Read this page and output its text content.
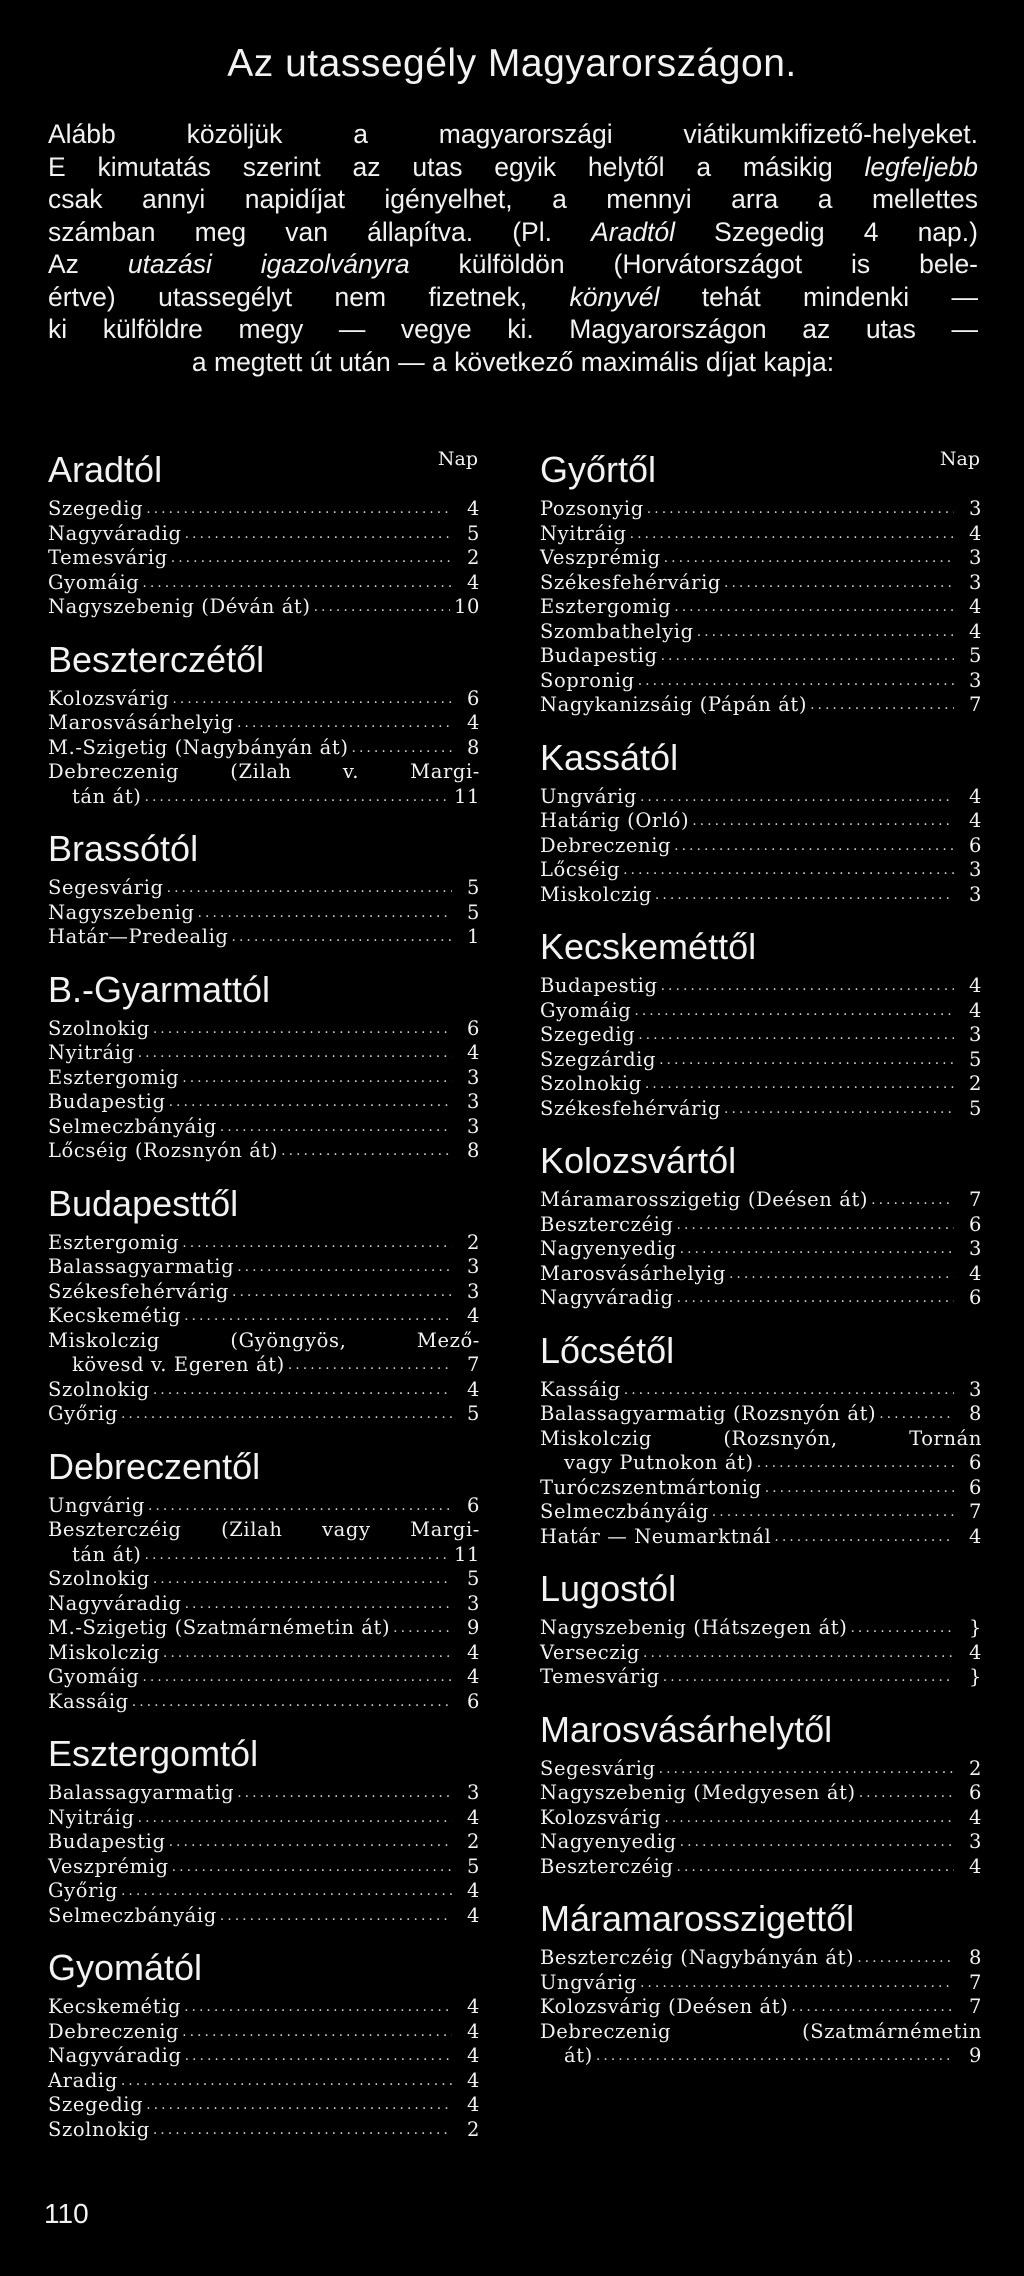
Az utassegély Magyarországon.
Alább közöljük a magyarországi viátikumkifizető-helyeket.
E kimutatás szerint az utas egyik helytől a másikig legfeljebb
csak annyi napidíjat igényelhet, a mennyi arra a mellettes
számban meg van állapítva. (Pl. Aradtól Szegedig 4 nap.)
Az utazási igazolványra külföldön (Horvátországot is bele-
értve) utassegélyt nem fizetnek, könyvél tehát mindenki —
ki külföldre megy — vegye ki. Magyarországon az utas —
a megtett út után — a következő maximális díjat kapja:
Aradtól	Nap
Szegedig .....	4
Nagyváradig .....	5
Temesvárig .....	2
Gyomáig .....	4
Nagyszebenig (Déván át) .....	10
Beszterczétől
Kolozsvárig .....	6
Marosvásárhelyig .....	4
M.-Szigetig (Nagybányán át) .....	8
Debreczenig (Zilah v. Margi-
tán át) .....	11
Brassótól
Segesvárig .....	5
Nagyszebenig .....	5
Határ—Predealig .....	1
B.-Gyarmattól
Szolnokig .....	6
Nyitráig .....	4
Esztergomig .....	3
Budapestig .....	3
Selmeczbányáig .....	3
Lőcséig (Rozsnyón át) .....	8
Budapesttől
Esztergomig .....	2
Balassagyarmatig .....	3
Székesfehérvárig .....	3
Kecskemétig .....	4
Miskolczig (Gyöngyös, Mező-
kövesd v. Egeren át) .....	7
Szolnokig .....	4
Győrig .....	5
Debreczentől
Ungvárig .....	6
Beszterczéig (Zilah vagy Margi-
tán át) .....	11
Szolnokig .....	5
Nagyváradig .....	3
M.-Szigetig (Szatmárnémetin át) .....	9
Miskolczig .....	4
Gyomáig .....	4
Kassáig .....	6
Esztergomtól
Balassagyarmatig .....	3
Nyitráig .....	4
Budapestig .....	2
Veszprémig .....	5
Győrig .....	4
Selmeczbányáig .....	4
Gyomától
Kecskemétig .....	4
Debreczenig .....	4
Nagyváradig .....	4
Aradig .....	4
Szegedig .....	4
Szolnokig .....	2
Győrtől	Nap
Pozsonyig .....	3
Nyitráig .....	4
Veszprémig .....	3
Székesfehérvárig .....	3
Esztergomig .....	4
Szombathelyig .....	4
Budapestig .....	5
Sopronig .....	3
Nagykanizsáig (Pápán át) .....	7
Kassától
Ungvárig .....	4
Határig (Orló) .....	4
Debreczenig .....	6
Lőcséig .....	3
Miskolczig .....	3
Kecskeméttől
Budapestig .....	4
Gyomáig .....	4
Szegedig .....	3
Szegzárdig .....	5
Szolnokig .....	2
Székesfehérvárig .....	5
Kolozsvártól
Máramarosszigetig (Deésen át) .....	7
Beszterczéig .....	6
Nagyenyedig .....	3
Marosvásárhelyig .....	4
Nagyváradig .....	6
Lőcsétől
Kassáig .....	3
Balassagyarmatig (Rozsnyón át) .....	8
Miskolczig (Rozsnyón, Tornán
vagy Putnokon át) .....	6
Turóczszentmártonig .....	6
Selmeczbányáig .....	7
Határ — Neumarktnál .....	4
Lugostól
Nagyszebenig (Hátszegen át) .....	}
Verseczig .....	4
Temesvárig .....	}
Marosvásárhelytől
Segesvárig .....	2
Nagyszebenig (Medgyesen át) .....	6
Kolozsvárig .....	4
Nagyenyedig .....	3
Beszterczéig .....	4
Máramarosszigettől
Beszterczéig (Nagybányán át) .....	8
Ungvárig .....	7
Kolozsvárig (Deésen át) .....	7
Debreczenig (Szatmárnémetin
át) .....	9
110
